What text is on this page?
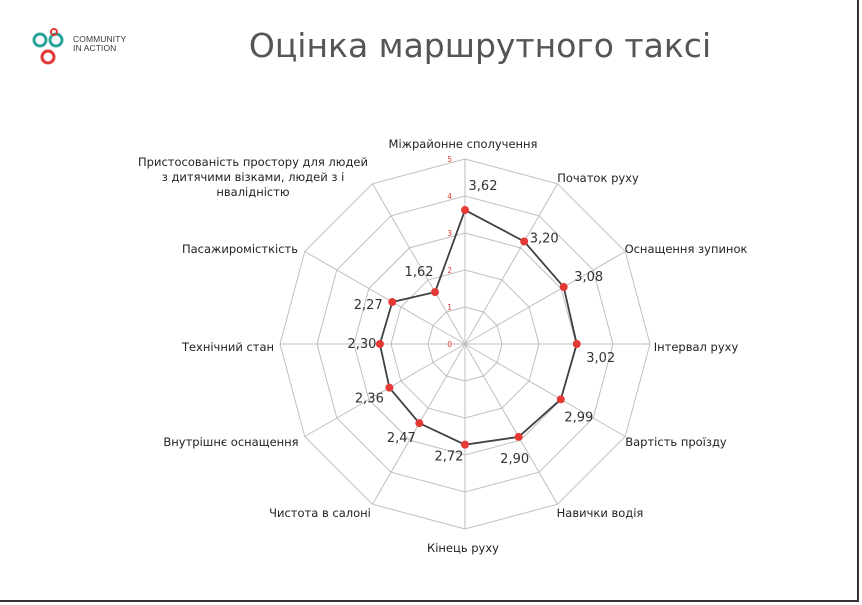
COMMUNITY
IN ACTION	Оцінка маршрутного таксі
0
1
2
3
4
5
3,62
3,20
3,08
3,02
2,99
2,90
2,72
2,47
2,36
2,30
2,27
1,62
Міжрайонне сполучення
Початок руху
Оснащення зупинок
Інтервал руху
Вартість проїзду
Навички водія
Кінець руху
Чистота в салоні
Внутрішнє оснащення
Технічний стан
Пасажиромісткість
Пристосованість простору для людей з дитячими візками, людей з і нвалідністю
